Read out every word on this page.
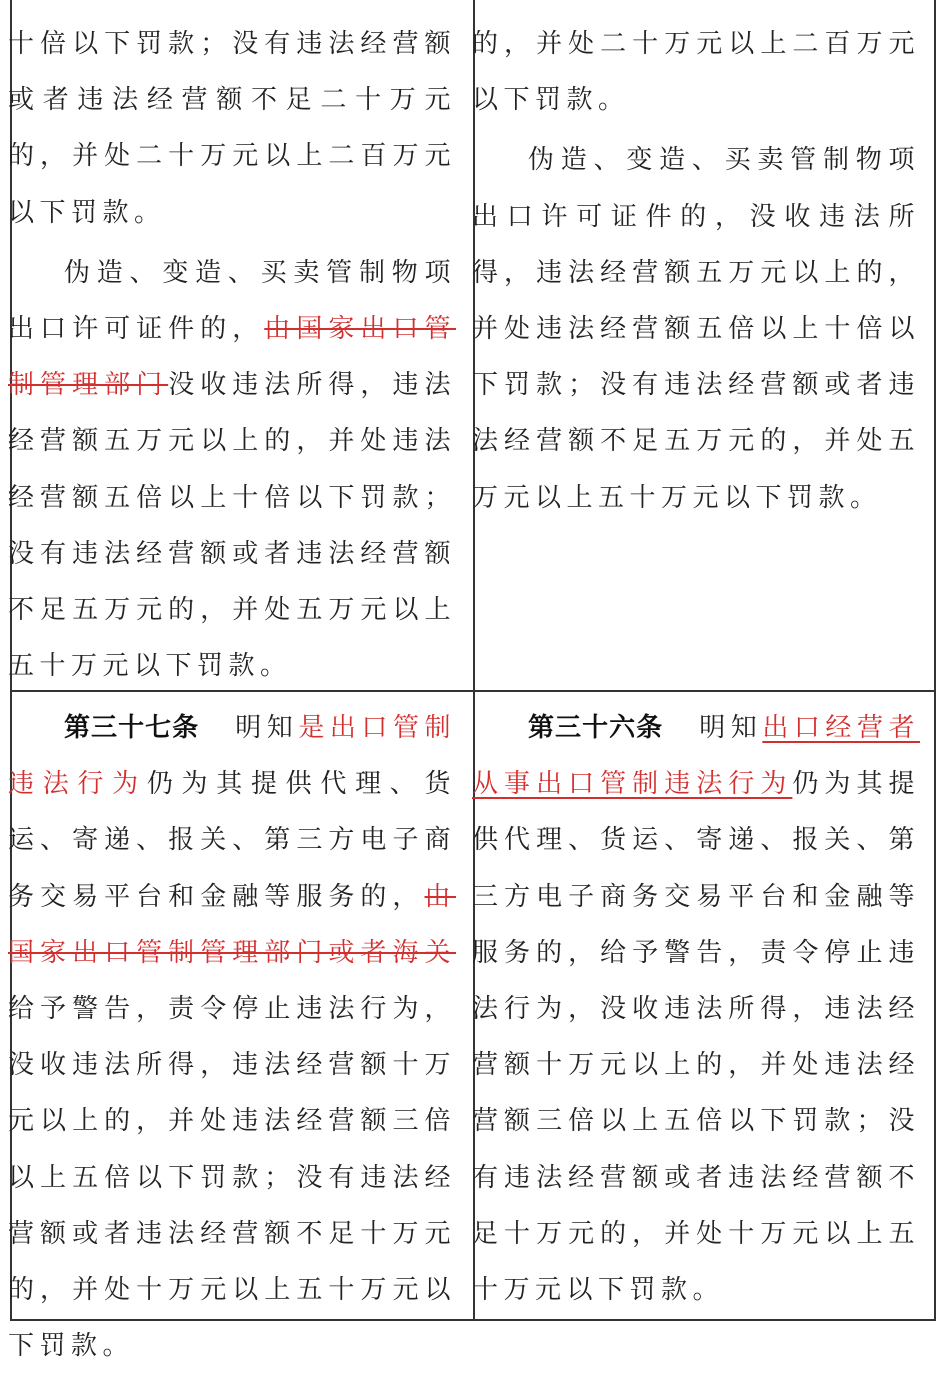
十倍以下罚款；没有违法经营额或者违法经营额不足二十万元的，并处二十万元以上二百万元以下罚款。

伪造、变造、买卖管制物项出口许可证件的，由国家出口管制管理部门没收违法所得，违法经营额五万元以上的，并处违法经营额五倍以上十倍以下罚款；没有违法经营额或者违法经营额不足五万元的，并处五万元以上五十万元以下罚款。

的，并处二十万元以上二百万元以下罚款。

伪造、变造、买卖管制物项出口许可证件的，没收违法所得，违法经营额五万元以上的，并处违法经营额五倍以上十倍以下罚款；没有违法经营额或者违法经营额不足五万元的，并处五万元以上五十万元以下罚款。

第三十七条 明知是出口管制违法行为仍为其提供代理、货运、寄递、报关、第三方电子商务交易平台和金融等服务的，由国家出口管制管理部门或者海关给予警告，责令停止违法行为，没收违法所得，违法经营额十万元以上的，并处违法经营额三倍以上五倍以下罚款；没有违法经营额或者违法经营额不足十万元的，并处十万元以上五十万元以下罚款。

第三十六条 明知出口经营者从事出口管制违法行为仍为其提供代理、货运、寄递、报关、第三方电子商务交易平台和金融等服务的，给予警告，责令停止违法行为，没收违法所得，违法经营额十万元以上的，并处违法经营额三倍以上五倍以下罚款；没有违法经营额或者违法经营额不足十万元的，并处十万元以上五十万元以下罚款。
